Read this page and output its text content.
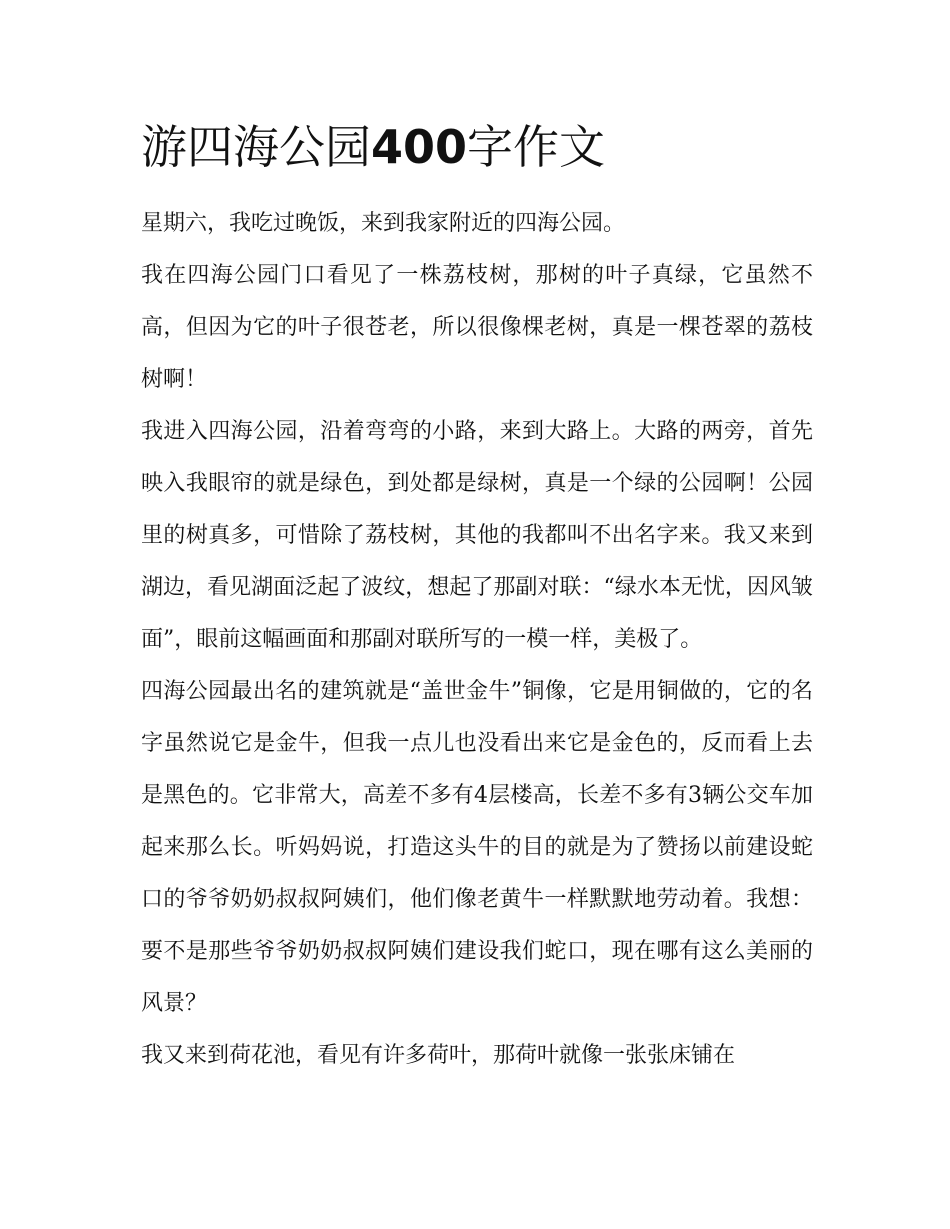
游四海公园400字作文

星期六，我吃过晚饭，来到我家附近的四海公园。

我在四海公园门口看见了一株荔枝树，那树的叶子真绿，它虽然不高，但因为它的叶子很苍老，所以很像棵老树，真是一棵苍翠的荔枝树啊！

我进入四海公园，沿着弯弯的小路，来到大路上。大路的两旁，首先映入我眼帘的就是绿色，到处都是绿树，真是一个绿的公园啊！公园里的树真多，可惜除了荔枝树，其他的我都叫不出名字来。我又来到湖边，看见湖面泛起了波纹，想起了那副对联：“绿水本无忧，因风皱面”，眼前这幅画面和那副对联所写的一模一样，美极了。

四海公园最出名的建筑就是“盖世金牛”铜像，它是用铜做的，它的名字虽然说它是金牛，但我一点儿也没看出来它是金色的，反而看上去是黑色的。它非常大，高差不多有4层楼高，长差不多有3辆公交车加起来那么长。听妈妈说，打造这头牛的目的就是为了赞扬以前建设蛇口的爷爷奶奶叔叔阿姨们，他们像老黄牛一样默默地劳动着。我想：要不是那些爷爷奶奶叔叔阿姨们建设我们蛇口，现在哪有这么美丽的风景？

我又来到荷花池，看见有许多荷叶，那荷叶就像一张张床铺在
